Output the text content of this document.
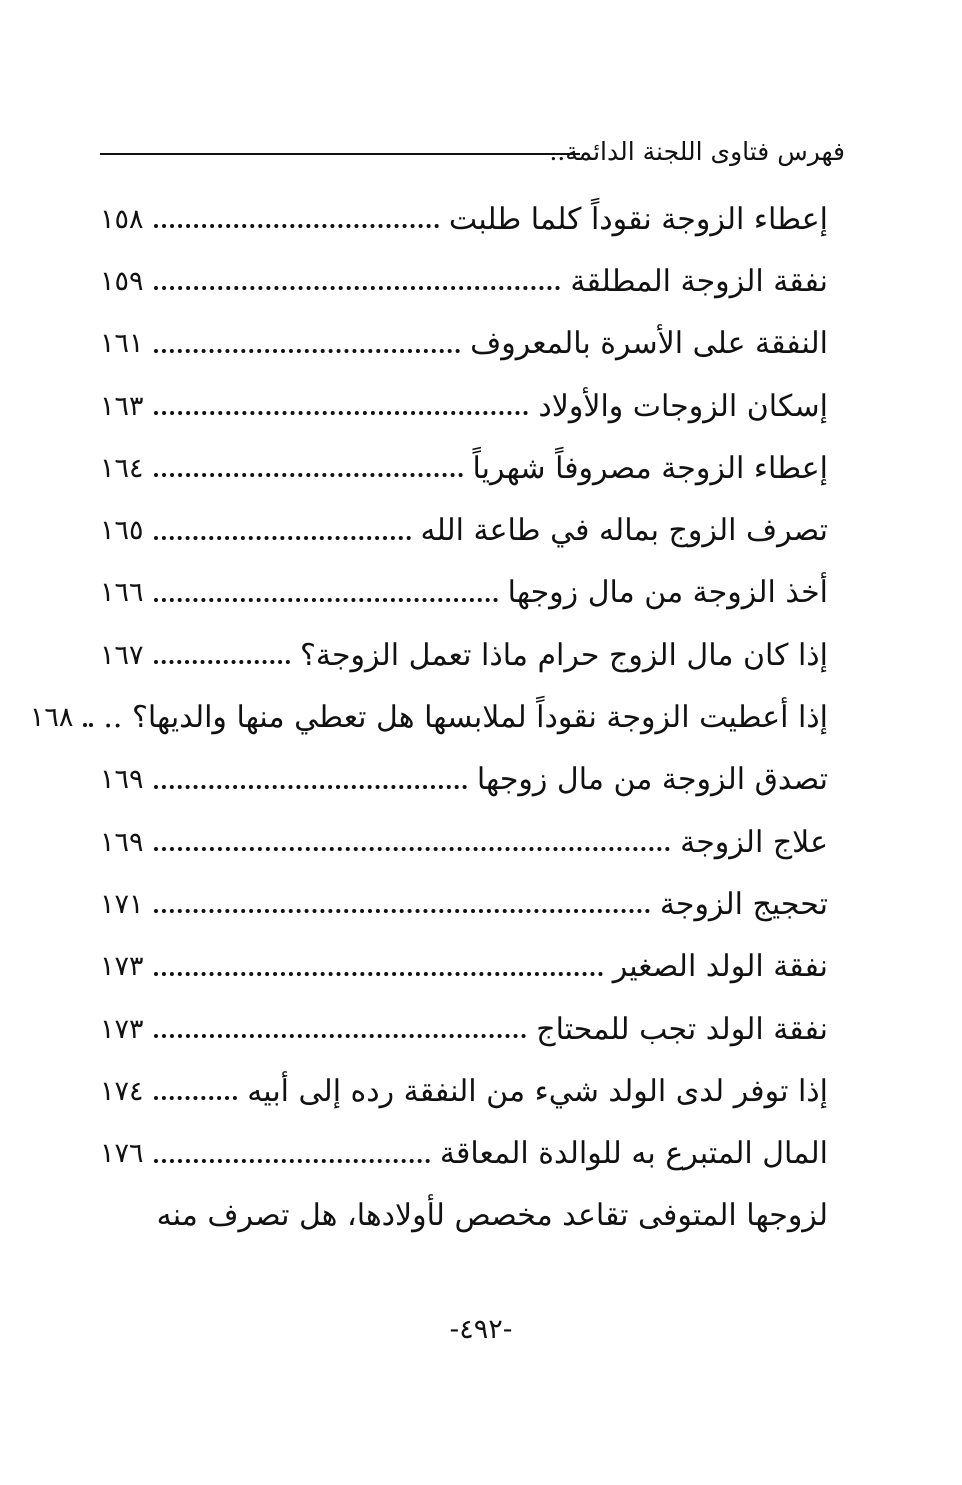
فهرس فتاوى اللجنة الدائمة..
إعطاء الزوجة نقوداً كلما طلبت
١٥٨
نفقة الزوجة المطلقة
١٥٩
النفقة على الأسرة بالمعروف
١٦١
إسكان الزوجات والأولاد
١٦٣
إعطاء الزوجة مصروفاً شهرياً
١٦٤
تصرف الزوج بماله في طاعة الله
١٦٥
أخذ الزوجة من مال زوجها
١٦٦
إذا كان مال الزوج حرام ماذا تعمل الزوجة؟
١٦٧
إذا أعطيت الزوجة نقوداً لملابسها هل تعطي منها والديها؟ ..
١٦٨
تصدق الزوجة من مال زوجها
١٦٩
علاج الزوجة
١٦٩
تحجيج الزوجة
١٧١
نفقة الولد الصغير
١٧٣
نفقة الولد تجب للمحتاج
١٧٣
إذا توفر لدى الولد شيء من النفقة رده إلى أبيه
١٧٤
المال المتبرع به للوالدة المعاقة
١٧٦
لزوجها المتوفى تقاعد مخصص لأولادها، هل تصرف منه
-٤٩٢-
